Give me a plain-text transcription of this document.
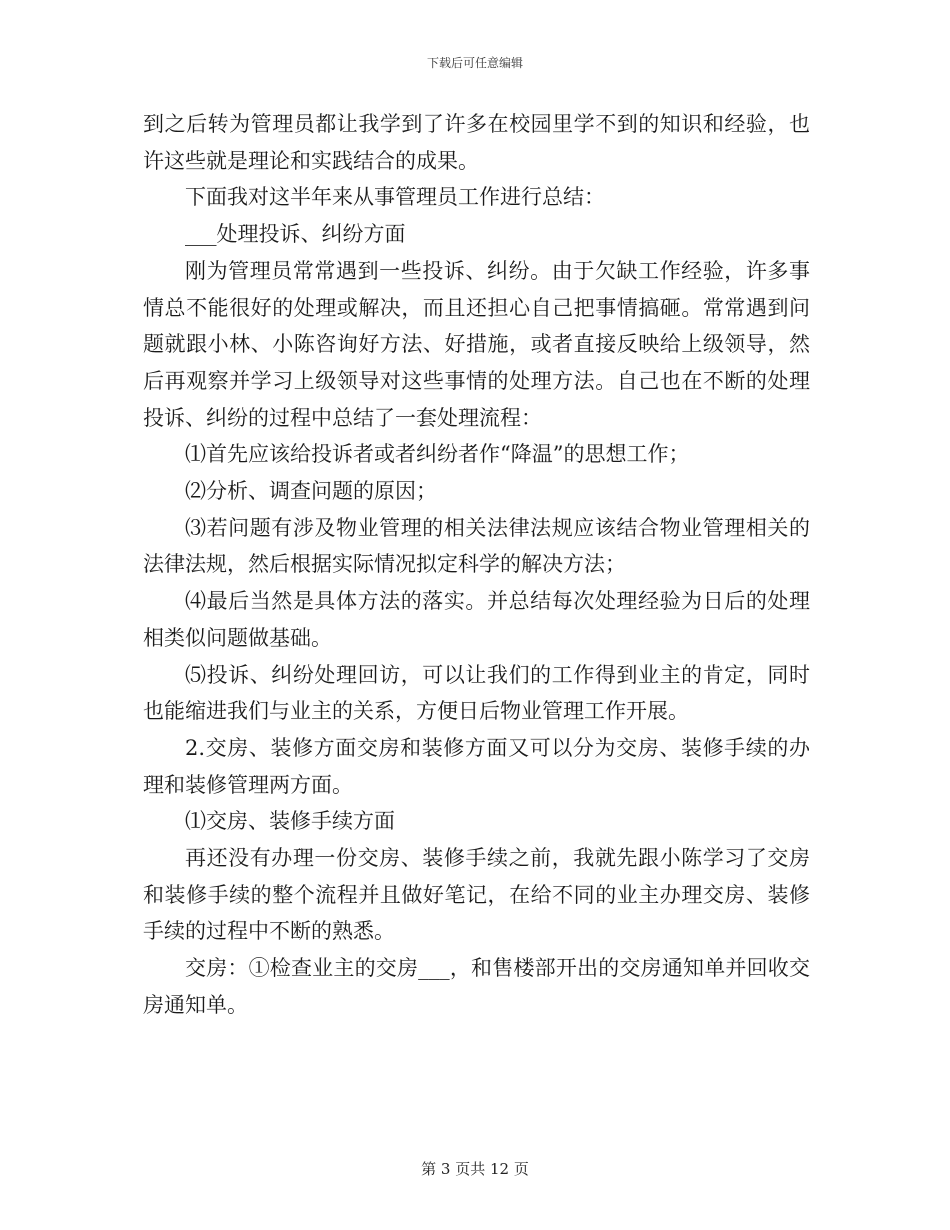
下载后可任意编辑

到之后转为管理员都让我学到了许多在校园里学不到的知识和经验，也许这些就是理论和实践结合的成果。

下面我对这半年来从事管理员工作进行总结：

___处理投诉、纠纷方面

刚为管理员常常遇到一些投诉、纠纷。由于欠缺工作经验，许多事情总不能很好的处理或解决，而且还担心自己把事情搞砸。常常遇到问题就跟小林、小陈咨询好方法、好措施，或者直接反映给上级领导，然后再观察并学习上级领导对这些事情的处理方法。自己也在不断的处理投诉、纠纷的过程中总结了一套处理流程：

⑴首先应该给投诉者或者纠纷者作“降温”的思想工作；

⑵分析、调查问题的原因；

⑶若问题有涉及物业管理的相关法律法规应该结合物业管理相关的法律法规，然后根据实际情况拟定科学的解决方法；

⑷最后当然是具体方法的落实。并总结每次处理经验为日后的处理相类似问题做基础。

⑸投诉、纠纷处理回访，可以让我们的工作得到业主的肯定，同时也能缩进我们与业主的关系，方便日后物业管理工作开展。

2.交房、装修方面交房和装修方面又可以分为交房、装修手续的办理和装修管理两方面。

⑴交房、装修手续方面

再还没有办理一份交房、装修手续之前，我就先跟小陈学习了交房和装修手续的整个流程并且做好笔记，在给不同的业主办理交房、装修手续的过程中不断的熟悉。

交房：①检查业主的交房___，和售楼部开出的交房通知单并回收交房通知单。

第 3 页共 12 页
